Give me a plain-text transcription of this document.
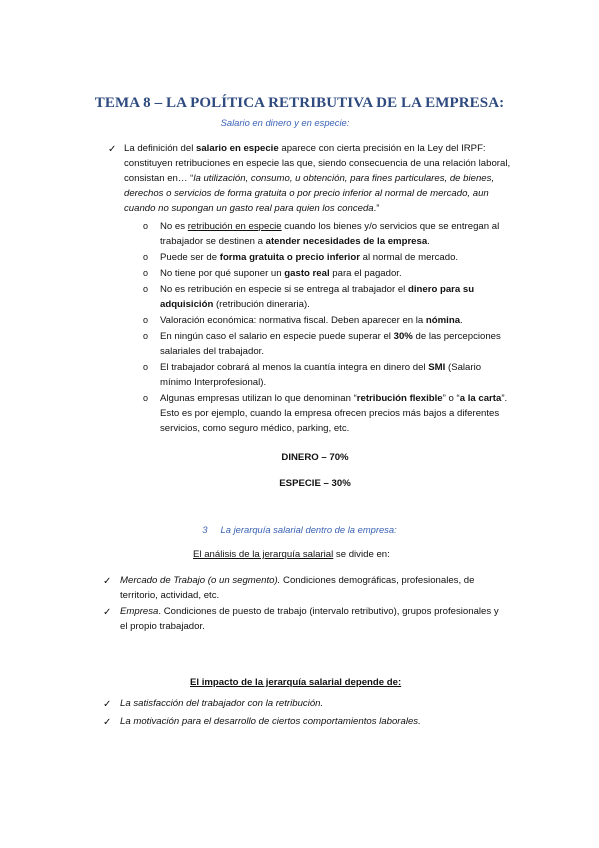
TEMA 8 – LA POLÍTICA RETRIBUTIVA DE LA EMPRESA:
Salario en dinero y en especie:
✓ La definición del salario en especie aparece con cierta precisión en la Ley del IRPF: constituyen retribuciones en especie las que, siendo consecuencia de una relación laboral, consistan en… “la utilización, consumo, u obtención, para fines particulares, de bienes, derechos o servicios de forma gratuita o por precio inferior al normal de mercado, aun cuando no supongan un gasto real para quien los conceda.”
o No es retribución en especie cuando los bienes y/o servicios que se entregan al trabajador se destinen a atender necesidades de la empresa.
o Puede ser de forma gratuita o precio inferior al normal de mercado.
o No tiene por qué suponer un gasto real para el pagador.
o No es retribución en especie si se entrega al trabajador el dinero para su adquisición (retribución dineraria).
o Valoración económica: normativa fiscal. Deben aparecer en la nómina.
o En ningún caso el salario en especie puede superar el 30% de las percepciones salariales del trabajador.
o El trabajador cobrará al menos la cuantía integra en dinero del SMI (Salario mínimo Interprofesional).
o Algunas empresas utilizan lo que denominan “retribución flexible” o “a la carta”. Esto es por ejemplo, cuando la empresa ofrecen precios más bajos a diferentes servicios, como seguro médico, parking, etc.
DINERO – 70%
ESPECIE – 30%
3 La jerarquía salarial dentro de la empresa:
El análisis de la jerarquía salarial se divide en:
✓ Mercado de Trabajo (o un segmento). Condiciones demográficas, profesionales, de territorio, actividad, etc.
✓ Empresa. Condiciones de puesto de trabajo (intervalo retributivo), grupos profesionales y el propio trabajador.
El impacto de la jerarquía salarial depende de:
✓ La satisfacción del trabajador con la retribución.
✓ La motivación para el desarrollo de ciertos comportamientos laborales.
